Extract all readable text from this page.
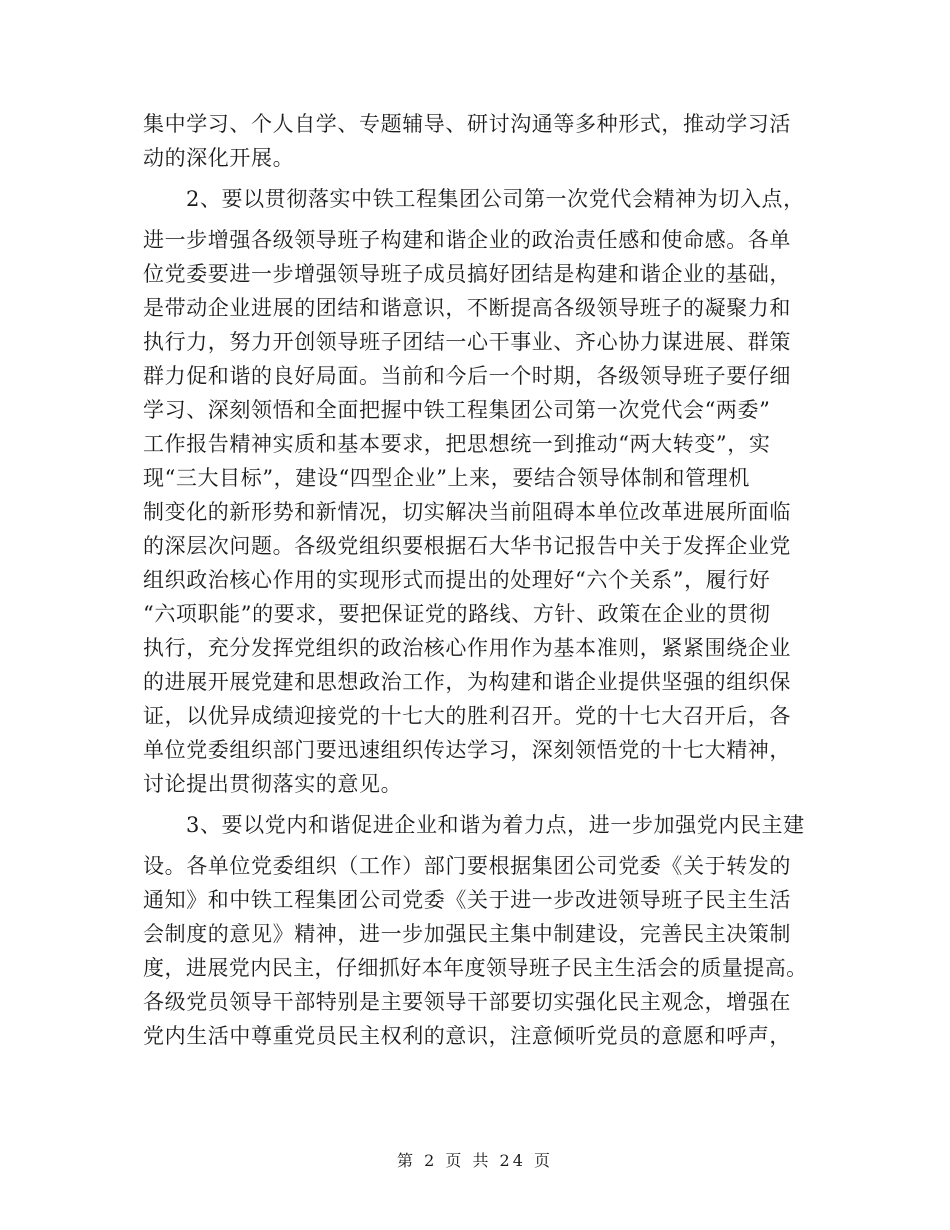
集中学习、个人自学、专题辅导、研讨沟通等多种形式，推动学习活
动的深化开展。
2、要以贯彻落实中铁工程集团公司第一次党代会精神为切入点，
进一步增强各级领导班子构建和谐企业的政治责任感和使命感。各单
位党委要进一步增强领导班子成员搞好团结是构建和谐企业的基础，
是带动企业进展的团结和谐意识，不断提高各级领导班子的凝聚力和
执行力，努力开创领导班子团结一心干事业、齐心协力谋进展、群策
群力促和谐的良好局面。当前和今后一个时期，各级领导班子要仔细
学习、深刻领悟和全面把握中铁工程集团公司第一次党代会“两委”
工作报告精神实质和基本要求，把思想统一到推动“两大转变”，实
现“三大目标”，建设“四型企业”上来，要结合领导体制和管理机
制变化的新形势和新情况，切实解决当前阻碍本单位改革进展所面临
的深层次问题。各级党组织要根据石大华书记报告中关于发挥企业党
组织政治核心作用的实现形式而提出的处理好“六个关系”，履行好
“六项职能”的要求，要把保证党的路线、方针、政策在企业的贯彻
执行，充分发挥党组织的政治核心作用作为基本准则，紧紧围绕企业
的进展开展党建和思想政治工作，为构建和谐企业提供坚强的组织保
证，以优异成绩迎接党的十七大的胜利召开。党的十七大召开后，各
单位党委组织部门要迅速组织传达学习，深刻领悟党的十七大精神，
讨论提出贯彻落实的意见。
3、要以党内和谐促进企业和谐为着力点，进一步加强党内民主建
设。各单位党委组织（工作）部门要根据集团公司党委《关于转发的
通知》和中铁工程集团公司党委《关于进一步改进领导班子民主生活
会制度的意见》精神，进一步加强民主集中制建设，完善民主决策制
度，进展党内民主，仔细抓好本年度领导班子民主生活会的质量提高。
各级党员领导干部特别是主要领导干部要切实强化民主观念，增强在
党内生活中尊重党员民主权利的意识，注意倾听党员的意愿和呼声，
第 2 页 共 24 页
